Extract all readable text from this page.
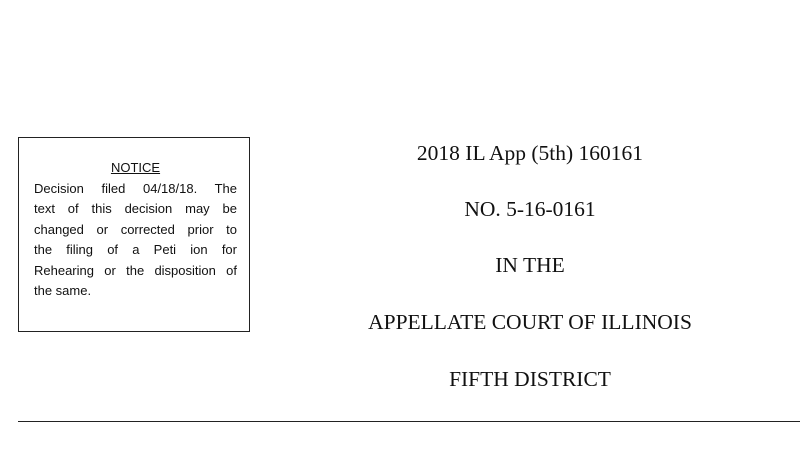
NOTICE

Decision filed 04/18/18. The
text of this decision may be
changed or corrected prior to
the filing of a Peti ion for
Rehearing or the disposition of
the same.

2018 IL App (5th) 160161

NO. 5-16-0161

IN THE

APPELLATE COURT OF ILLINOIS

FIFTH DISTRICT
